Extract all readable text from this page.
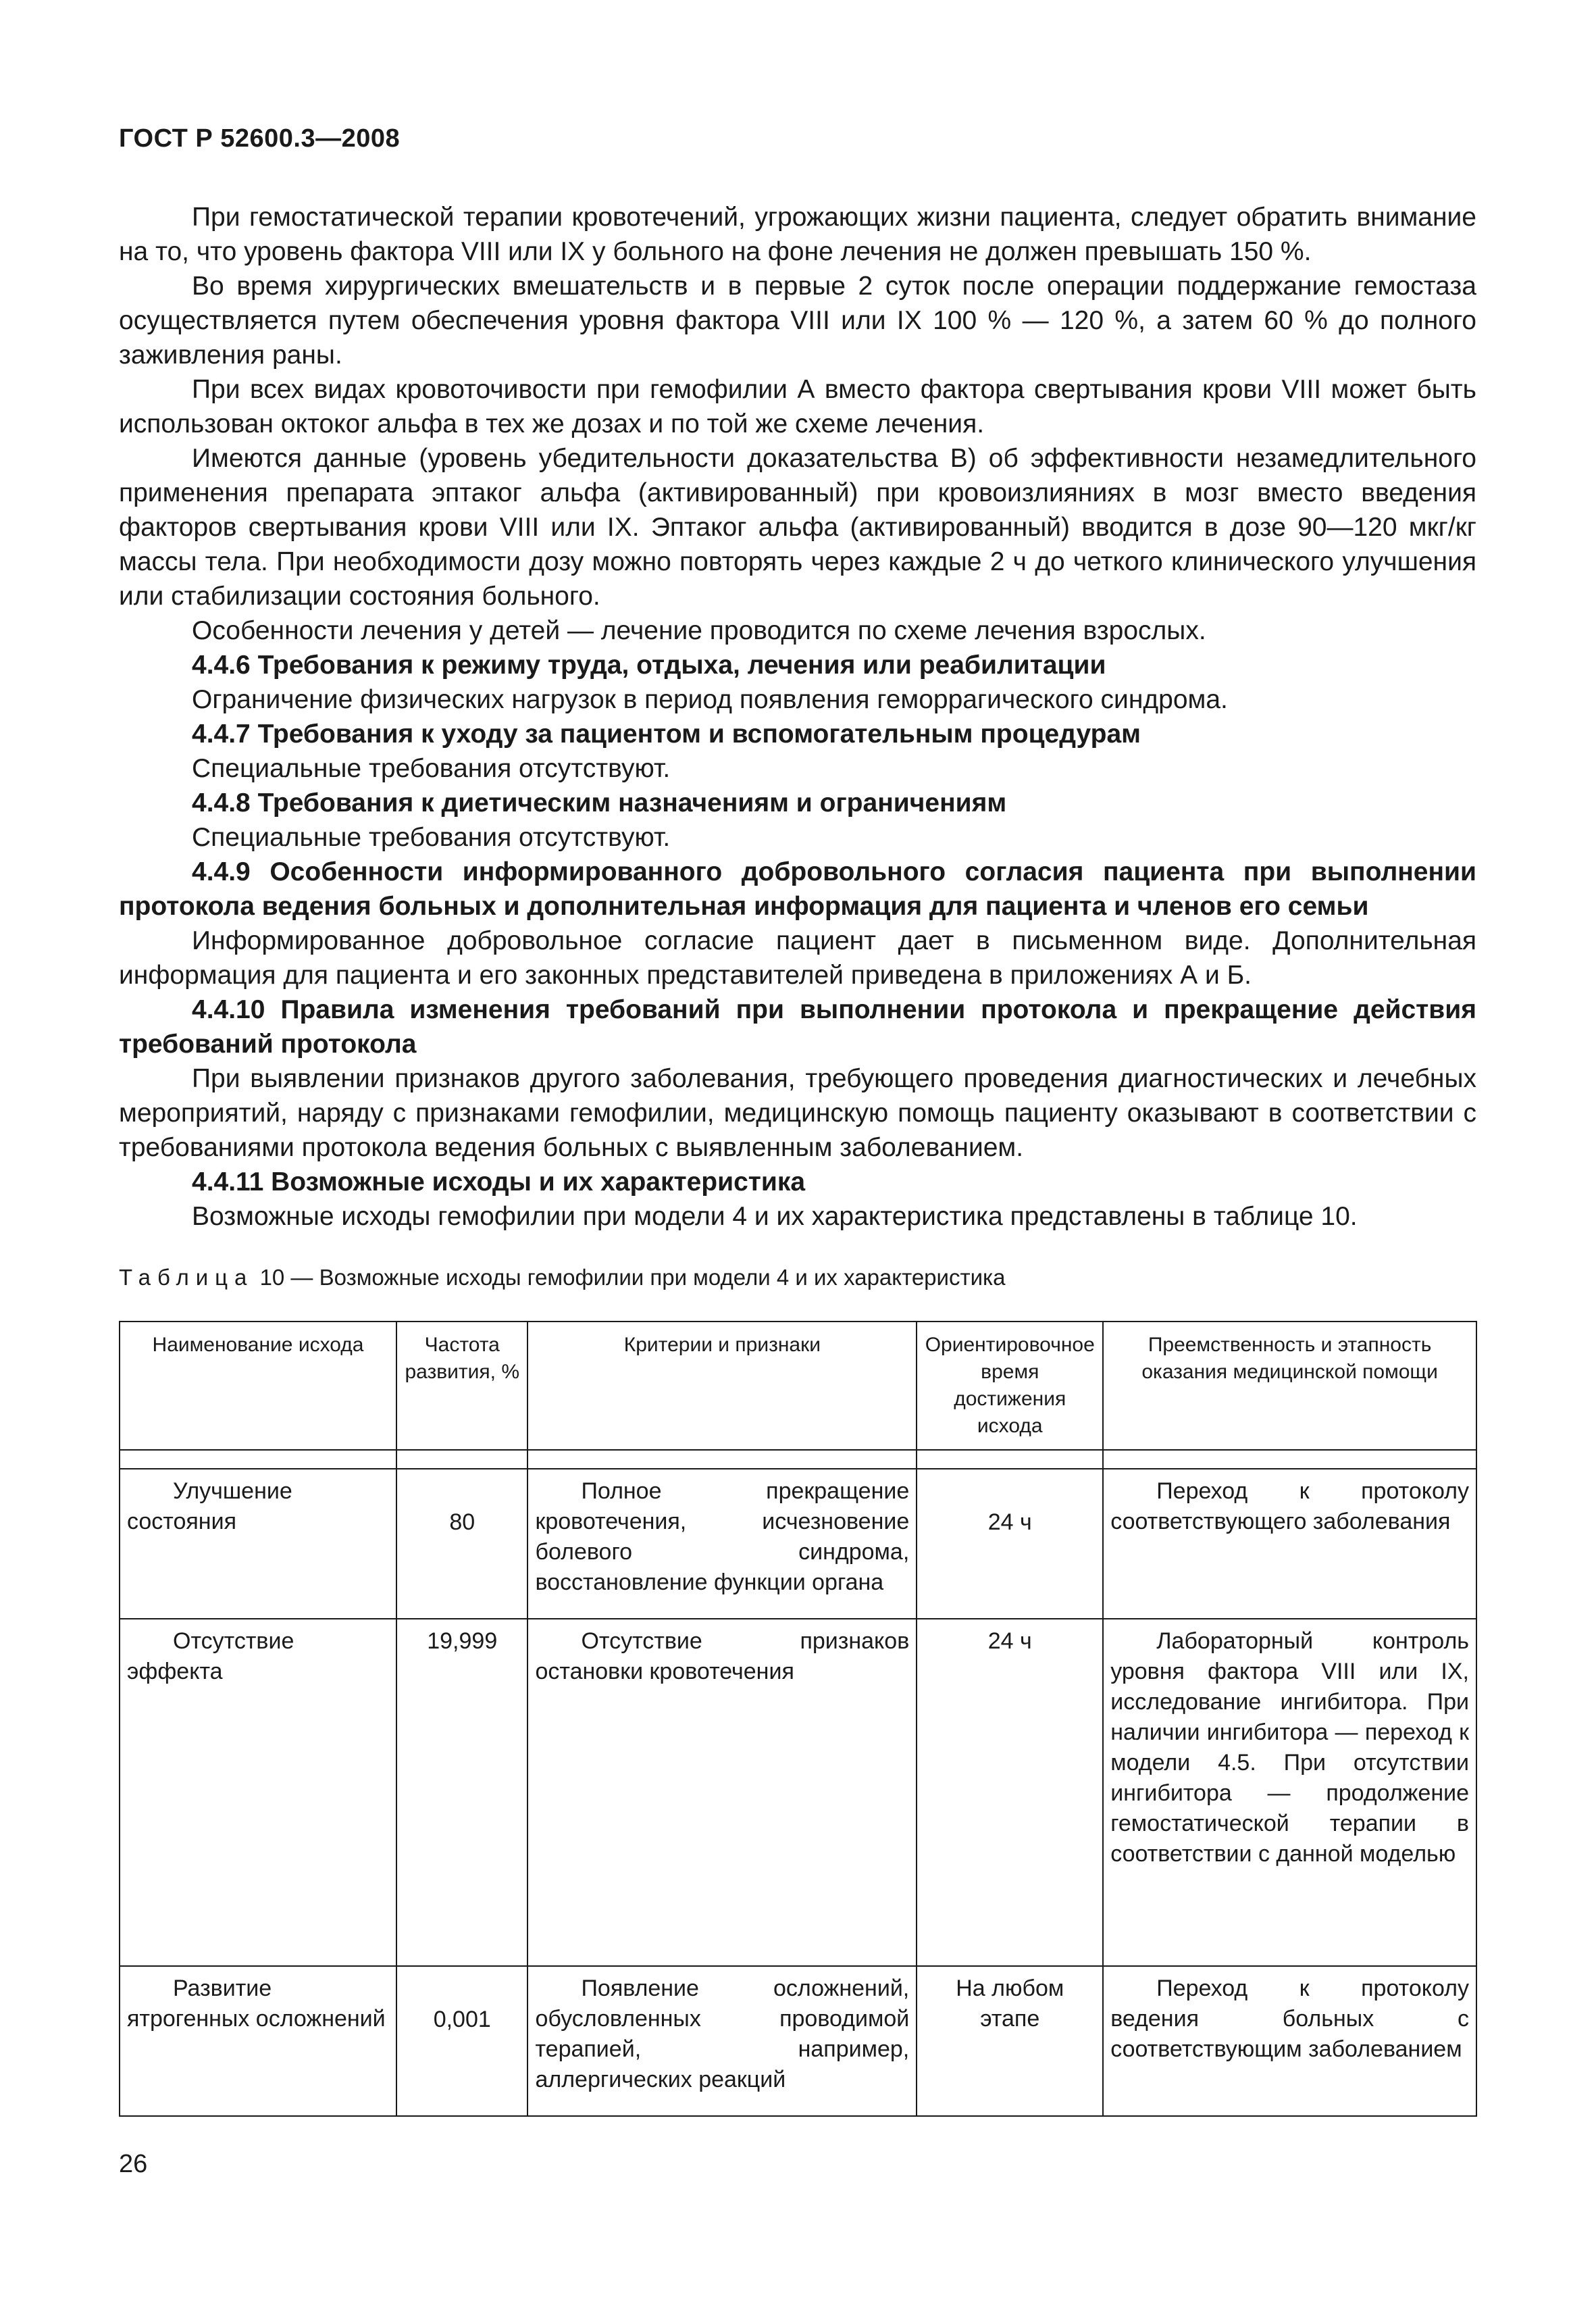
ГОСТ Р 52600.3—2008

При гемостатической терапии кровотечений, угрожающих жизни пациента, следует обратить внимание на то, что уровень фактора VIII или IX у больного на фоне лечения не должен превышать 150 %.

Во время хирургических вмешательств и в первые 2 суток после операции поддержание гемостаза осуществляется путем обеспечения уровня фактора VIII или IX 100 % — 120 %, а затем 60 % до полного заживления раны.

При всех видах кровоточивости при гемофилии А вместо фактора свертывания крови VIII может быть использован октоког альфа в тех же дозах и по той же схеме лечения.

Имеются данные (уровень убедительности доказательства В) об эффективности незамедлительного применения препарата эптаког альфа (активированный) при кровоизлияниях в мозг вместо введения факторов свертывания крови VIII или IX. Эптаког альфа (активированный) вводится в дозе 90—120 мкг/кг массы тела. При необходимости дозу можно повторять через каждые 2 ч до четкого клинического улучшения или стабилизации состояния больного.

Особенности лечения у детей — лечение проводится по схеме лечения взрослых.

4.4.6 Требования к режиму труда, отдыха, лечения или реабилитации

Ограничение физических нагрузок в период появления геморрагического синдрома.

4.4.7 Требования к уходу за пациентом и вспомогательным процедурам

Специальные требования отсутствуют.

4.4.8 Требования к диетическим назначениям и ограничениям

Специальные требования отсутствуют.

4.4.9 Особенности информированного добровольного согласия пациента при выполнении протокола ведения больных и дополнительная информация для пациента и членов его семьи

Информированное добровольное согласие пациент дает в письменном виде. Дополнительная информация для пациента и его законных представителей приведена в приложениях А и Б.

4.4.10 Правила изменения требований при выполнении протокола и прекращение действия требований протокола

При выявлении признаков другого заболевания, требующего проведения диагностических и лечебных мероприятий, наряду с признаками гемофилии, медицинскую помощь пациенту оказывают в соответствии с требованиями протокола ведения больных с выявленным заболеванием.

4.4.11 Возможные исходы и их характеристика

Возможные исходы гемофилии при модели 4 и их характеристика представлены в таблице 10.

Таблица 10 — Возможные исходы гемофилии при модели 4 и их характеристика
Наименование исхода	Частота развития, %	Критерии и признаки	Ориентировочное время достижения исхода	Преемственность и этапность оказания медицинской помощи

Улучшение состояния	80	Полное прекращение кровотечения, исчезновение болевого синдрома, восстановление функции органа	24 ч	Переход к протоколу соответствующего заболевания
Отсутствие эффекта	19,999	Отсутствие признаков остановки кровотечения	24 ч	Лабораторный контроль уровня фактора VIII или IX, исследование ингибитора. При наличии ингибитора — переход к модели 4.5. При отсутствии ингибитора — продолжение гемостатической терапии в соответствии с данной моделью
Развитие ятрогенных осложнений	0,001	Появление осложнений, обусловленных проводимой терапией, например, аллергических реакций	На любом этапе	Переход к протоколу ведения больных с соответствующим заболеванием
26
